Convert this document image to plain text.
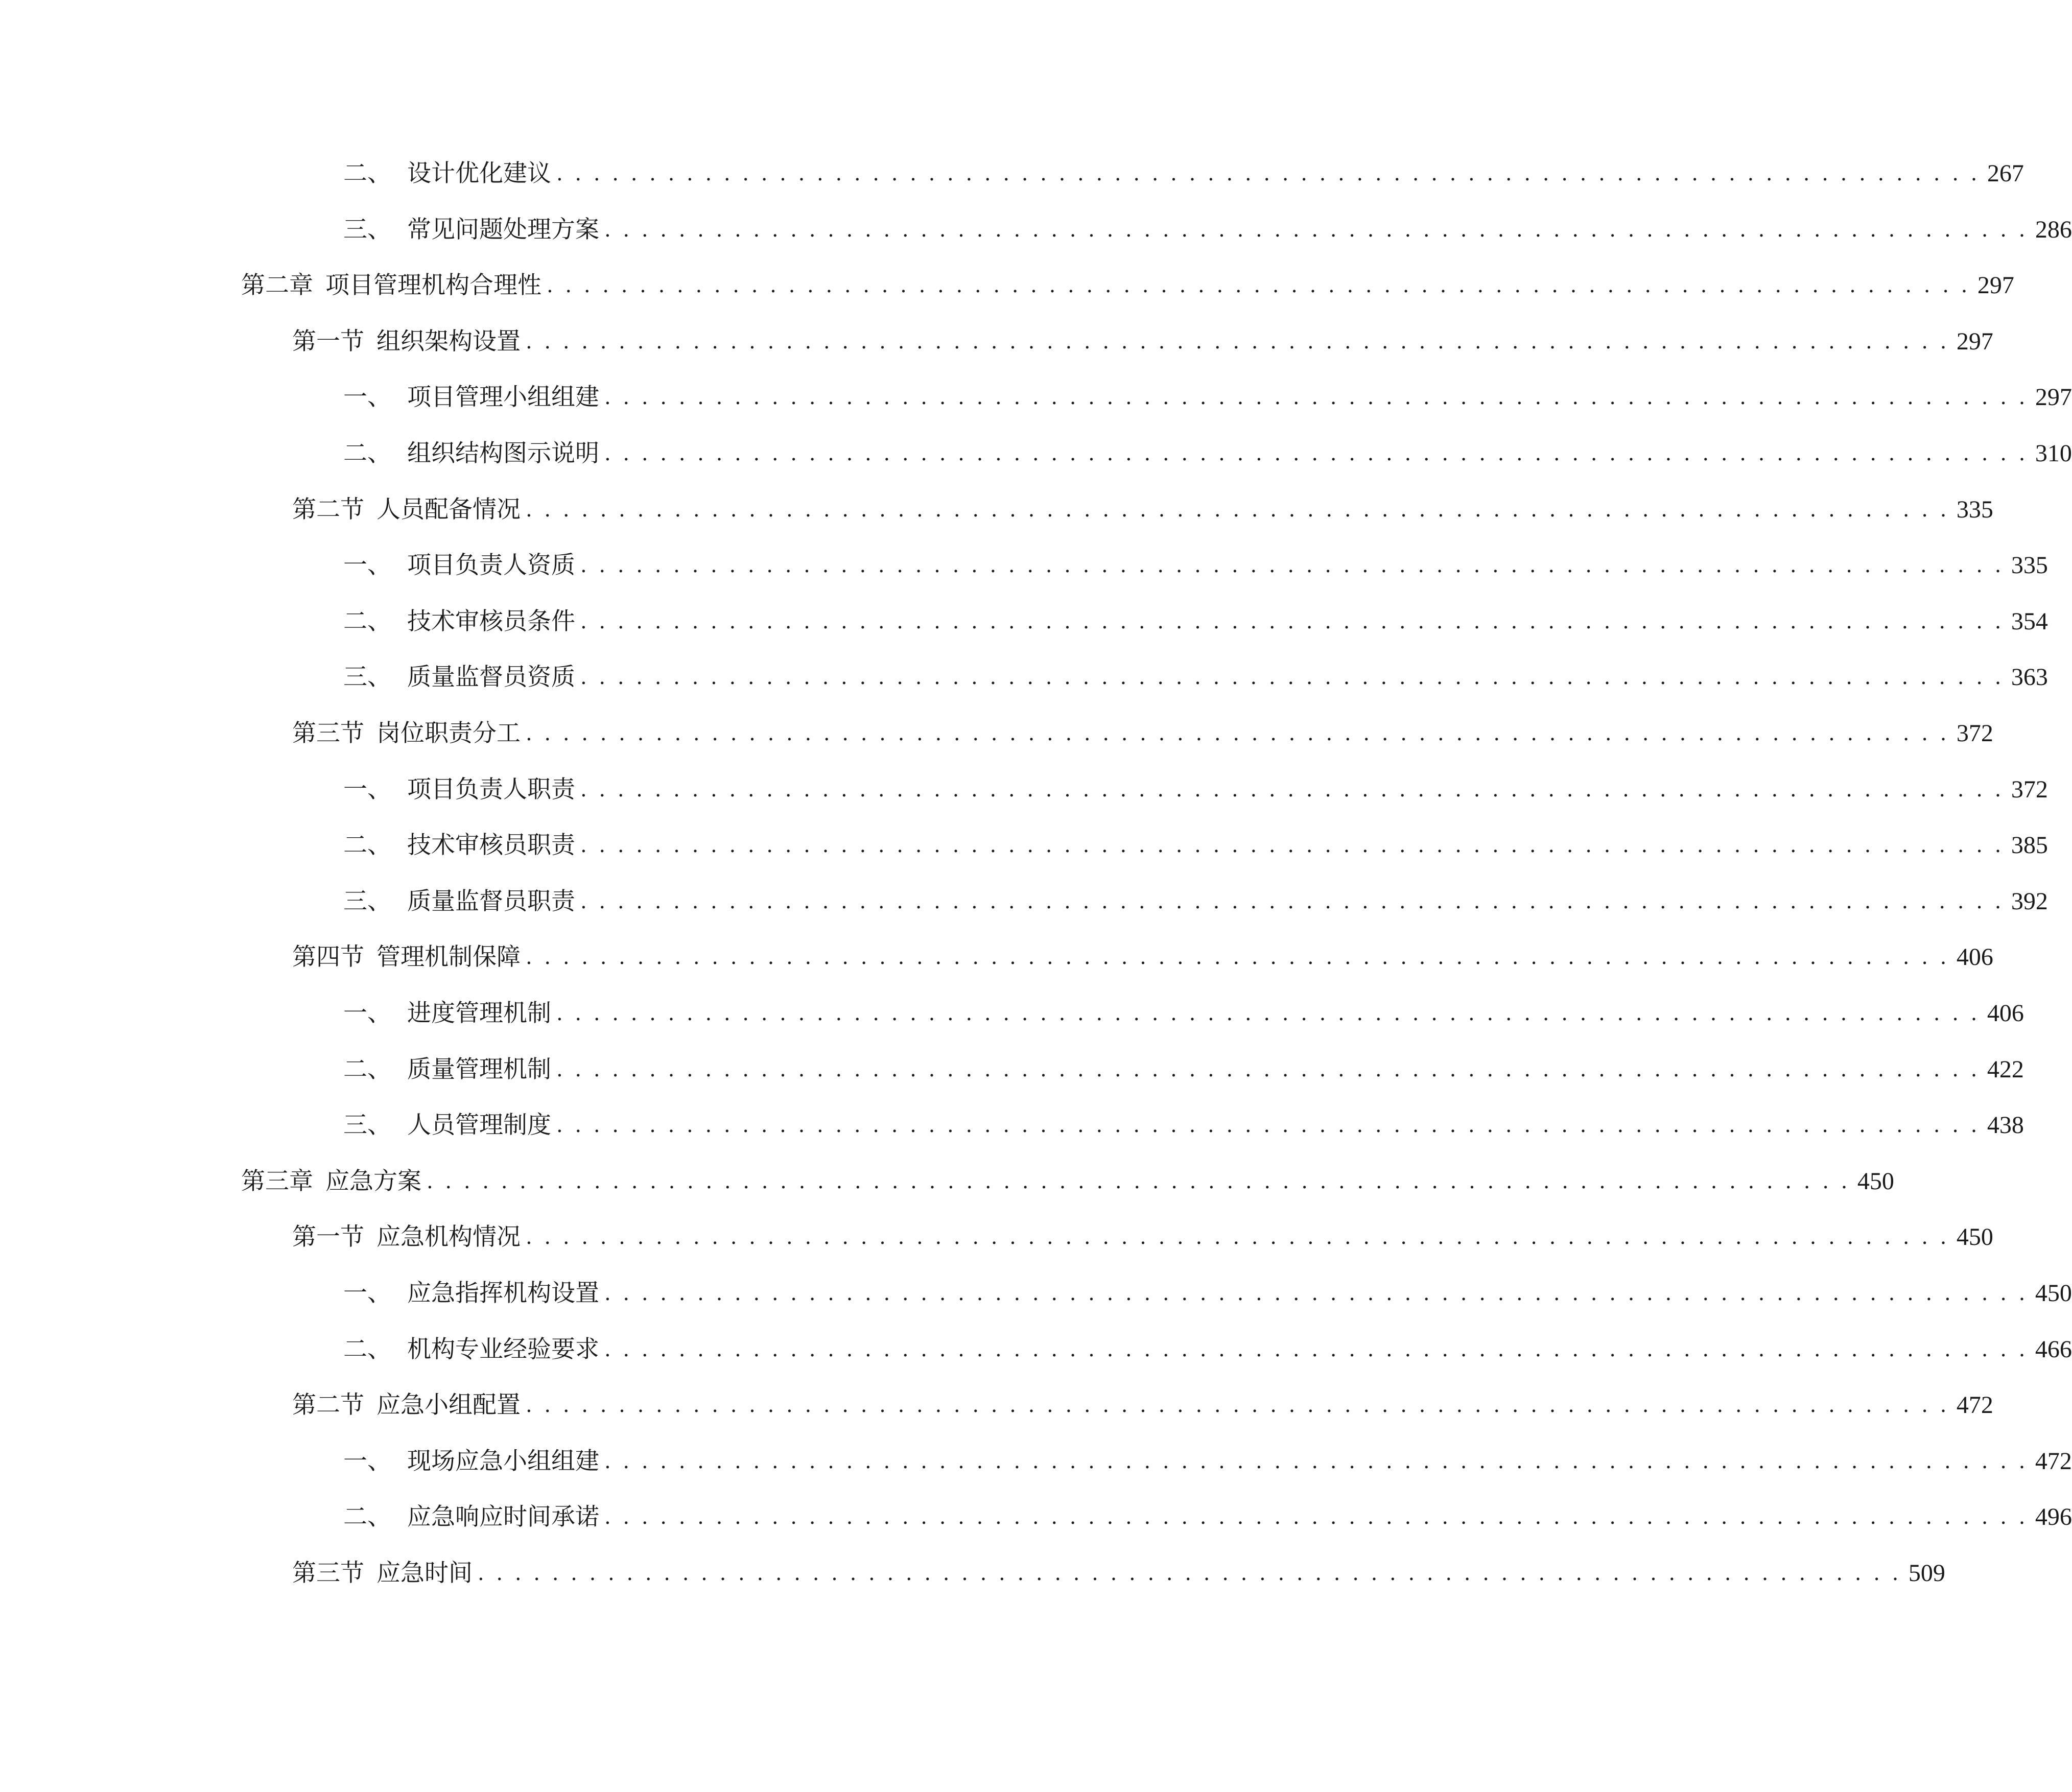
二、 设计优化建议 . . . . . . . . . . . . . . . . . . . . . . . . . . . . . . . . . . . . . . . . . . . . . . . . . . . . . . . . . . . . . . . . . . . . . . . . . . . . . 267
三、 常见问题处理方案 . . . . . . . . . . . . . . . . . . . . . . . . . . . . . . . . . . . . . . . . . . . . . . . . . . . . . . . . . . . . . . . . . . . . . . . . . . . . . 286
第二章 项目管理机构合理性 . . . . . . . . . . . . . . . . . . . . . . . . . . . . . . . . . . . . . . . . . . . . . . . . . . . . . . . . . . . . . . . . . . . . . . . . . . . . . 297
第一节 组织架构设置 . . . . . . . . . . . . . . . . . . . . . . . . . . . . . . . . . . . . . . . . . . . . . . . . . . . . . . . . . . . . . . . . . . . . . . . . . . . . . 297
一、 项目管理小组组建 . . . . . . . . . . . . . . . . . . . . . . . . . . . . . . . . . . . . . . . . . . . . . . . . . . . . . . . . . . . . . . . . . . . . . . . . . . . . . 297
二、 组织结构图示说明 . . . . . . . . . . . . . . . . . . . . . . . . . . . . . . . . . . . . . . . . . . . . . . . . . . . . . . . . . . . . . . . . . . . . . . . . . . . . . 310
第二节 人员配备情况 . . . . . . . . . . . . . . . . . . . . . . . . . . . . . . . . . . . . . . . . . . . . . . . . . . . . . . . . . . . . . . . . . . . . . . . . . . . . . 335
一、 项目负责人资质 . . . . . . . . . . . . . . . . . . . . . . . . . . . . . . . . . . . . . . . . . . . . . . . . . . . . . . . . . . . . . . . . . . . . . . . . . . . . . 335
二、 技术审核员条件 . . . . . . . . . . . . . . . . . . . . . . . . . . . . . . . . . . . . . . . . . . . . . . . . . . . . . . . . . . . . . . . . . . . . . . . . . . . . . 354
三、 质量监督员资质 . . . . . . . . . . . . . . . . . . . . . . . . . . . . . . . . . . . . . . . . . . . . . . . . . . . . . . . . . . . . . . . . . . . . . . . . . . . . . 363
第三节 岗位职责分工 . . . . . . . . . . . . . . . . . . . . . . . . . . . . . . . . . . . . . . . . . . . . . . . . . . . . . . . . . . . . . . . . . . . . . . . . . . . . . 372
一、 项目负责人职责 . . . . . . . . . . . . . . . . . . . . . . . . . . . . . . . . . . . . . . . . . . . . . . . . . . . . . . . . . . . . . . . . . . . . . . . . . . . . . 372
二、 技术审核员职责 . . . . . . . . . . . . . . . . . . . . . . . . . . . . . . . . . . . . . . . . . . . . . . . . . . . . . . . . . . . . . . . . . . . . . . . . . . . . . 385
三、 质量监督员职责 . . . . . . . . . . . . . . . . . . . . . . . . . . . . . . . . . . . . . . . . . . . . . . . . . . . . . . . . . . . . . . . . . . . . . . . . . . . . . 392
第四节 管理机制保障 . . . . . . . . . . . . . . . . . . . . . . . . . . . . . . . . . . . . . . . . . . . . . . . . . . . . . . . . . . . . . . . . . . . . . . . . . . . . . 406
一、 进度管理机制 . . . . . . . . . . . . . . . . . . . . . . . . . . . . . . . . . . . . . . . . . . . . . . . . . . . . . . . . . . . . . . . . . . . . . . . . . . . . . 406
二、 质量管理机制 . . . . . . . . . . . . . . . . . . . . . . . . . . . . . . . . . . . . . . . . . . . . . . . . . . . . . . . . . . . . . . . . . . . . . . . . . . . . . 422
三、 人员管理制度 . . . . . . . . . . . . . . . . . . . . . . . . . . . . . . . . . . . . . . . . . . . . . . . . . . . . . . . . . . . . . . . . . . . . . . . . . . . . . 438
第三章 应急方案 . . . . . . . . . . . . . . . . . . . . . . . . . . . . . . . . . . . . . . . . . . . . . . . . . . . . . . . . . . . . . . . . . . . . . . . . . . . . . 450
第一节 应急机构情况 . . . . . . . . . . . . . . . . . . . . . . . . . . . . . . . . . . . . . . . . . . . . . . . . . . . . . . . . . . . . . . . . . . . . . . . . . . . . . 450
一、 应急指挥机构设置 . . . . . . . . . . . . . . . . . . . . . . . . . . . . . . . . . . . . . . . . . . . . . . . . . . . . . . . . . . . . . . . . . . . . . . . . . . . . . 450
二、 机构专业经验要求 . . . . . . . . . . . . . . . . . . . . . . . . . . . . . . . . . . . . . . . . . . . . . . . . . . . . . . . . . . . . . . . . . . . . . . . . . . . . . 466
第二节 应急小组配置 . . . . . . . . . . . . . . . . . . . . . . . . . . . . . . . . . . . . . . . . . . . . . . . . . . . . . . . . . . . . . . . . . . . . . . . . . . . . . 472
一、 现场应急小组组建 . . . . . . . . . . . . . . . . . . . . . . . . . . . . . . . . . . . . . . . . . . . . . . . . . . . . . . . . . . . . . . . . . . . . . . . . . . . . . 472
二、 应急响应时间承诺 . . . . . . . . . . . . . . . . . . . . . . . . . . . . . . . . . . . . . . . . . . . . . . . . . . . . . . . . . . . . . . . . . . . . . . . . . . . . . 496
第三节 应急时间 . . . . . . . . . . . . . . . . . . . . . . . . . . . . . . . . . . . . . . . . . . . . . . . . . . . . . . . . . . . . . . . . . . . . . . . . . . . . . 509
